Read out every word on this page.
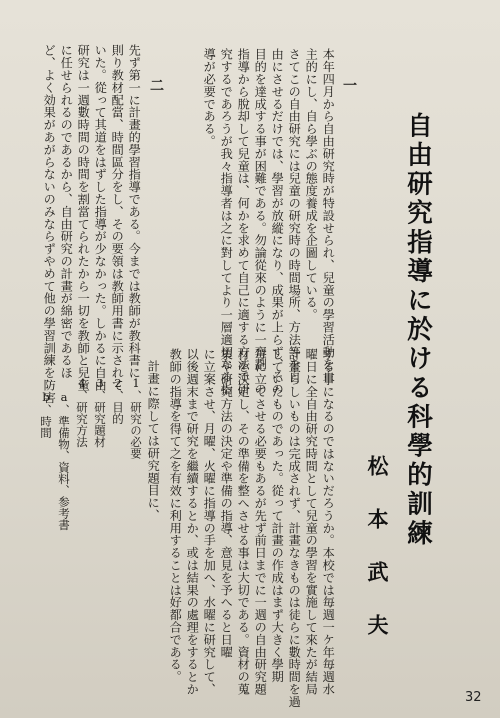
自由研究指導に於ける科學的訓練
松本武夫
一
本年四月から自由研究時が特設せられ、兒童の學習活動を自
主的にし、自ら學ぶの態度養成を企圖している。
さてこの自由研究には兒童の研究時の時間場所、方法等を自
由にさせるだけでは、學習が放縱になり、成果が上らず、その
目的を達成する事が困難である。勿論從來のように一齊劃一の
指導から脫却して兒童は、何かを求めて自己に適する方法で研
究するであろうが我々指導者は之に對してより一層適切なる指
導が必要である。
二
先ず第一に計畫的學習指導である。今までは教師が教科書に
則り教材配當、時間區分をし、その要領は教師用書に示されて
いた。從って其道をはずした指導が少なかった。しかるに自由
研究は一週數時間の時間を割當てられたから一切を教師と兒童
に任せられるのであるから、自由研究の計畫が綿密であるほ
ど、よく効果があがらないのみならずやめて他の學習訓練を防害
する事になるのではないだろうか。本校では毎週一ケ年毎週水
曜日に全自由研究時間として兒童の學習を實施して來たが結局
計畫らしいものは完成されず、計畫なきものは徒らに數時間を過
していたものであった。從って計畫の作成はまず大きく學期
毎に立てさせる必要もあるが先ず前日までに一週の自由研究題
材を決定し、その準備を整へさせる事は大切である。資材の蒐
集や研究方法の決定や準備の指導、意見を予へると日曜
に立案させ、月曜、火曜に指導の手を加へ、水曜に研究して、
以後週末まで研究を繼續するとか、或は結果の處理をするとか
教師の指導を得て之を有效に利用することは好都合である。
計畫に際しては研究題目に、
1、研究の必要
2、目的
3、研究題材
4、研究方法
a、準備物、資料、参考書
b、時間
32
